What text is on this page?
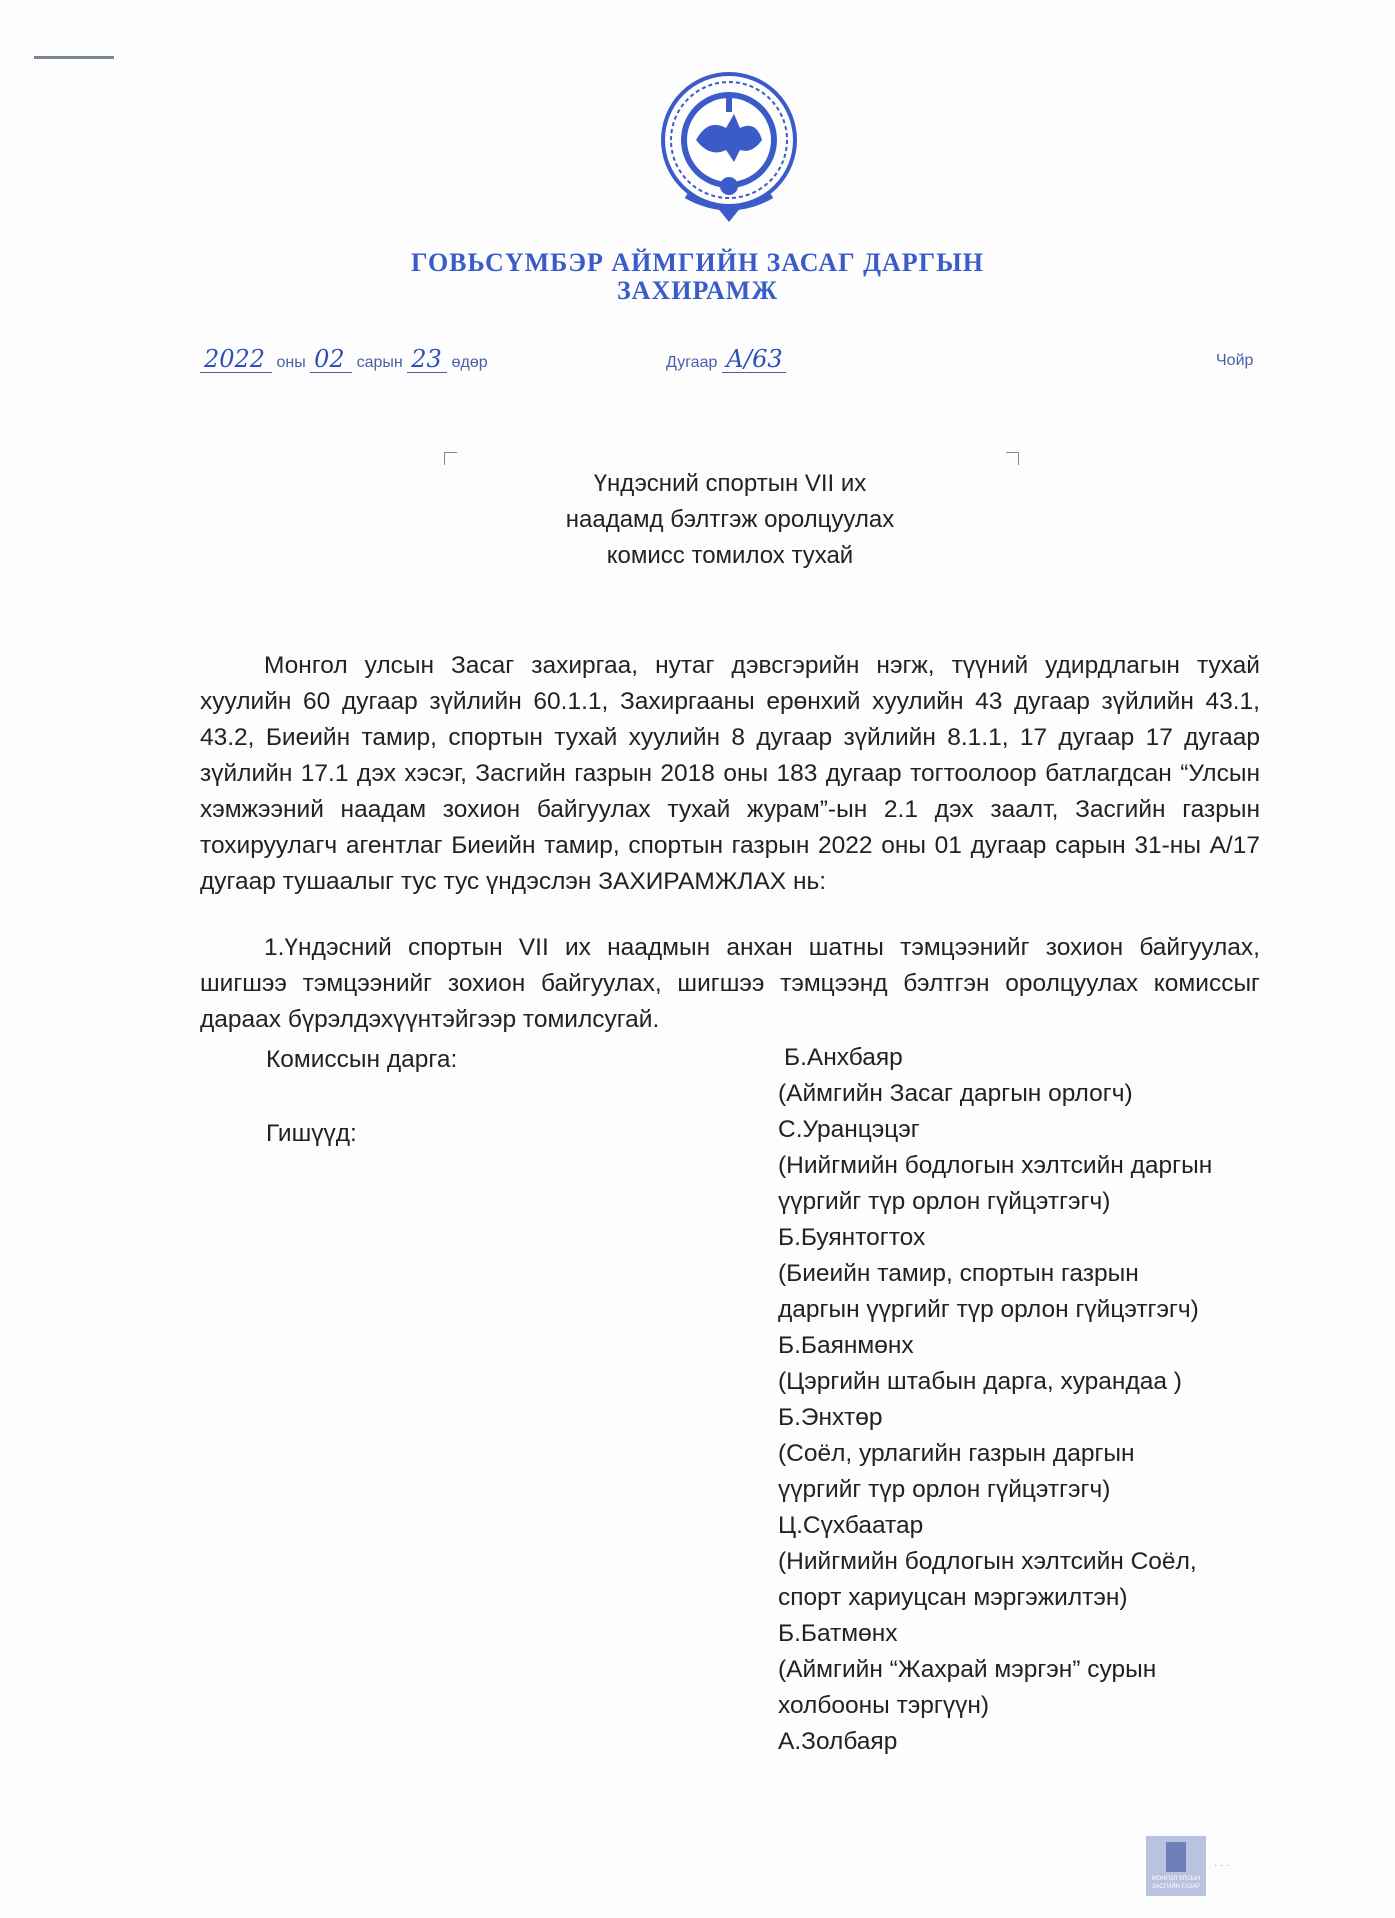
ГОВЬСҮМБЭР АЙМГИЙН ЗАСАГ ДАРГЫН
ЗАХИРАМЖ
2022 оны 02 сарын 23 өдөр	Дугаар А/63	Чойр
Үндэсний спортын VII их
наадамд бэлтгэж оролцуулах
комисс томилох тухай

Монгол улсын Засаг захиргаа, нутаг дэвсгэрийн нэгж, түүний удирдлагын тухай хуулийн 60 дугаар зүйлийн 60.1.1, Захиргааны ерөнхий хуулийн 43 дугаар зүйлийн 43.1, 43.2, Биеийн тамир, спортын тухай хуулийн 8 дугаар зүйлийн 8.1.1, 17 дугаар 17 дугаар зүйлийн 17.1 дэх хэсэг, Засгийн газрын 2018 оны 183 дугаар тогтоолоор батлагдсан “Улсын хэмжээний наадам зохион байгуулах тухай журам”-ын 2.1 дэх заалт, Засгийн газрын тохируулагч агентлаг Биеийн тамир, спортын газрын 2022 оны 01 дугаар сарын 31-ны А/17 дугаар тушаалыг тус тус үндэслэн ЗАХИРАМЖЛАХ нь:

1.Үндэсний спортын VII их наадмын анхан шатны тэмцээнийг зохион байгуулах, шигшээ тэмцээнийг зохион байгуулах, шигшээ тэмцээнд бэлтгэн оролцуулах комиссыг дараах бүрэлдэхүүнтэйгээр томилсугай.

Комиссын дарга:	Б.Анхбаяр
(Аймгийн Засаг даргын орлогч)
Гишүүд:	С.Уранцэцэг
(Нийгмийн бодлогын хэлтсийн даргын
үүргийг түр орлон гүйцэтгэгч)
Б.Буянтогтох
(Биеийн тамир, спортын газрын
даргын үүргийг түр орлон гүйцэтгэгч)
Б.Баянмөнх
(Цэргийн штабын дарга, хурандаа )
Б.Энхтөр
(Соёл, урлагийн газрын даргын
үүргийг түр орлон гүйцэтгэгч)
Ц.Сүхбаатар
(Нийгмийн бодлогын хэлтсийн Соёл,
спорт хариуцсан мэргэжилтэн)
Б.Батмөнх
(Аймгийн “Жахрай мэргэн” сурын
холбооны тэргүүн)
А.Золбаяр
МОНГОЛ УЛСЫН
ЗАСГИЙН ГАЗАР
· · ·
